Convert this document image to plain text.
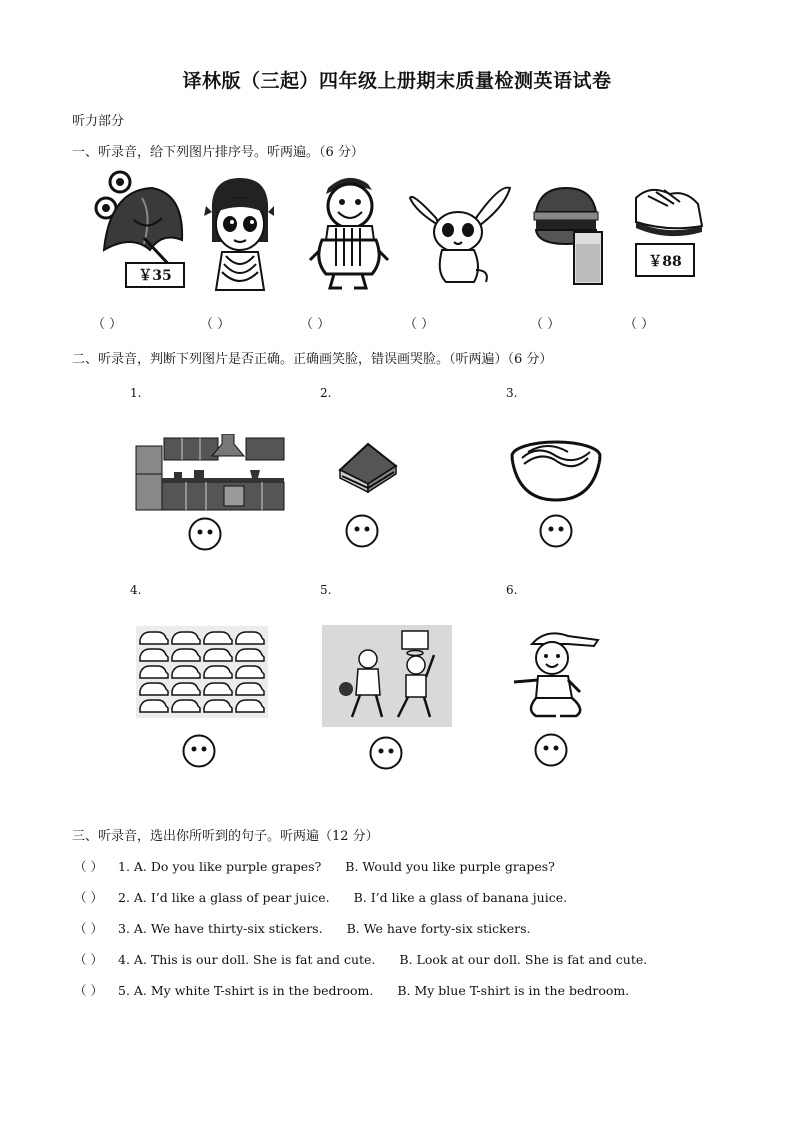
译林版（三起）四年级上册期末质量检测英语试卷
听力部分
一、听录音，给下列图片排序号。听两遍。（6 分）
￥35
￥88
（ ）	（ ）	（ ）	（ ）	（ ）	（ ）
二、听录音，判断下列图片是否正确。正确画笑脸，错误画哭脸。（听两遍）（6 分）
1.	2.	3.
4.	5.	6.
三、听录音，选出你所听到的句子。听两遍（12 分）
（ ） 1. A. Do you like purple grapes? B. Would you like purple grapes?
（ ） 2. A. I’d like a glass of pear juice. B. I’d like a glass of banana juice.
（ ） 3. A. We have thirty-six stickers. B. We have forty-six stickers.
（ ） 4. A. This is our doll. She is fat and cute. B. Look at our doll. She is fat and cute.
（ ） 5. A. My white T-shirt is in the bedroom. B. My blue T-shirt is in the bedroom.
